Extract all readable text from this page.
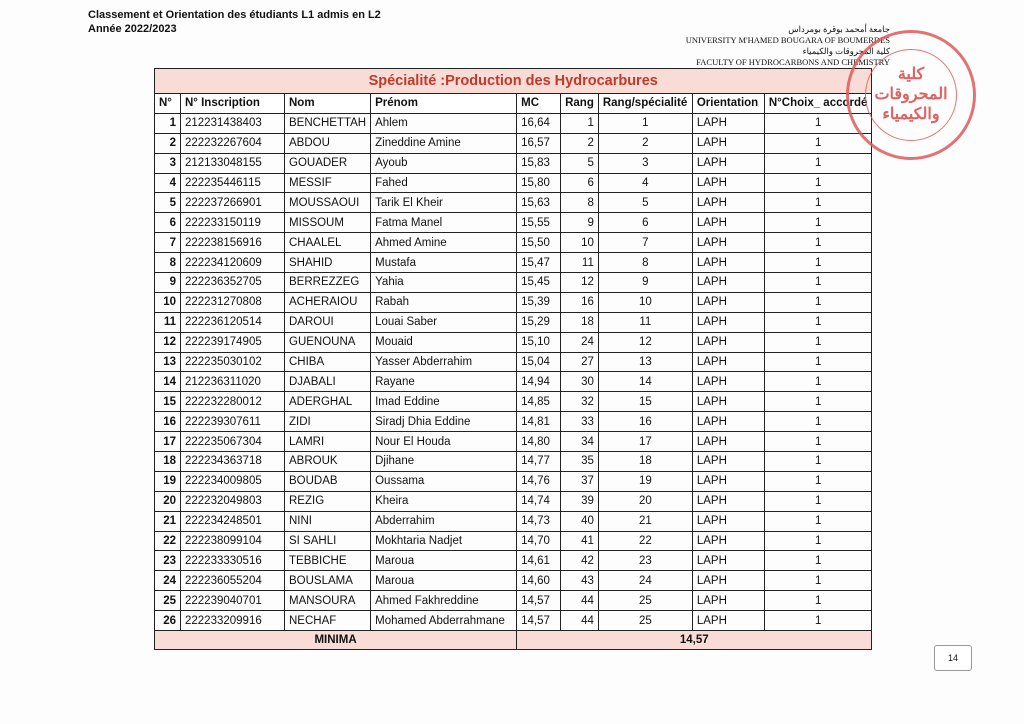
Classement et Orientation des étudiants L1 admis en L2
Année 2022/2023	جامعة أمحمد بوقرة بومرداس
UNIVERSITY M'HAMED BOUGARA OF BOUMERDES
كلية المحروقات والكيمياء
FACULTY OF HYDROCARBONS AND CHEMISTRY
Spécialité :Production des Hydrocarbures								
N°	N° Inscription	Nom	Prénom	MC	Rang	Rang/spécialité	Orientation	N°Choix_ accordé
1	212231438403	BENCHETTAH	Ahlem	16,64	1	1	LAPH	1
2	222232267604	ABDOU	Zineddine Amine	16,57	2	2	LAPH	1
3	212133048155	GOUADER	Ayoub	15,83	5	3	LAPH	1
4	222235446115	MESSIF	Fahed	15,80	6	4	LAPH	1
5	222237266901	MOUSSAOUI	Tarik El Kheir	15,63	8	5	LAPH	1
6	222233150119	MISSOUM	Fatma Manel	15,55	9	6	LAPH	1
7	222238156916	CHAALEL	Ahmed Amine	15,50	10	7	LAPH	1
8	222234120609	SHAHID	Mustafa	15,47	11	8	LAPH	1
9	222236352705	BERREZZEG	Yahia	15,45	12	9	LAPH	1
10	222231270808	ACHERAIOU	Rabah	15,39	16	10	LAPH	1
11	222236120514	DAROUI	Louai Saber	15,29	18	11	LAPH	1
12	222239174905	GUENOUNA	Mouaid	15,10	24	12	LAPH	1
13	222235030102	CHIBA	Yasser Abderrahim	15,04	27	13	LAPH	1
14	212236311020	DJABALI	Rayane	14,94	30	14	LAPH	1
15	222232280012	ADERGHAL	Imad Eddine	14,85	32	15	LAPH	1
16	222239307611	ZIDI	Siradj Dhia Eddine	14,81	33	16	LAPH	1
17	222235067304	LAMRI	Nour El Houda	14,80	34	17	LAPH	1
18	222234363718	ABROUK	Djihane	14,77	35	18	LAPH	1
19	222234009805	BOUDAB	Oussama	14,76	37	19	LAPH	1
20	222232049803	REZIG	Kheira	14,74	39	20	LAPH	1
21	222234248501	NINI	Abderrahim	14,73	40	21	LAPH	1
22	222238099104	SI SAHLI	Mokhtaria Nadjet	14,70	41	22	LAPH	1
23	222233330516	TEBBICHE	Maroua	14,61	42	23	LAPH	1
24	222236055204	BOUSLAMA	Maroua	14,60	43	24	LAPH	1
25	222239040701	MANSOURA	Ahmed Fakhreddine	14,57	44	25	LAPH	1
26	222233209916	NECHAF	Mohamed Abderrahmane	14,57	44	25	LAPH	1
MINIMA				14,57				
كلية
المحروقات
والكيمياء
14
